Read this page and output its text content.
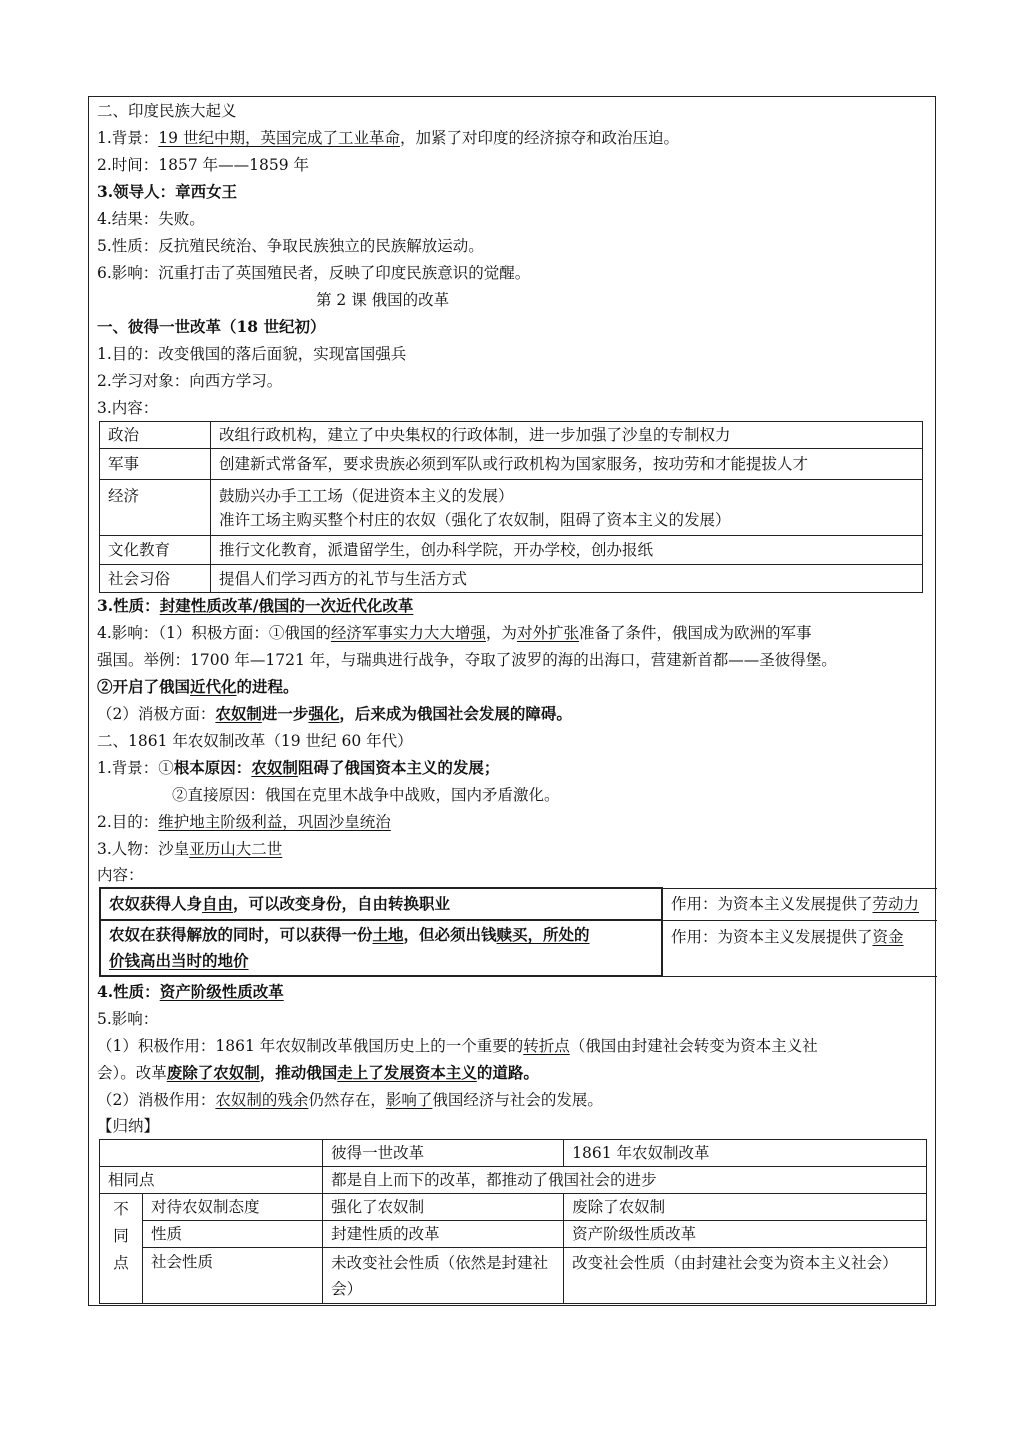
二、印度民族大起义
1.背景：19 世纪中期，英国完成了工业革命，加紧了对印度的经济掠夺和政治压迫。
2.时间：1857 年——1859 年
3.领导人：章西女王
4.结果：失败。
5.性质：反抗殖民统治、争取民族独立的民族解放运动。
6.影响：沉重打击了英国殖民者，反映了印度民族意识的觉醒。
第 2 课 俄国的改革
一、彼得一世改革（18 世纪初）
1.目的：改变俄国的落后面貌，实现富国强兵
2.学习对象：向西方学习。
3.内容：
政治	改组行政机构，建立了中央集权的行政体制，进一步加强了沙皇的专制权力
军事	创建新式常备军，要求贵族必须到军队或行政机构为国家服务，按功劳和才能提拔人才
经济	鼓励兴办手工工场（促进资本主义的发展）
准许工场主购买整个村庄的农奴（强化了农奴制，阻碍了资本主义的发展）

文化教育	推行文化教育，派遣留学生，创办科学院，开办学校，创办报纸
社会习俗	提倡人们学习西方的礼节与生活方式
3.性质：封建性质改革/俄国的一次近代化改革
4.影响：（1）积极方面：①俄国的经济军事实力大大增强，为对外扩张准备了条件，俄国成为欧洲的军事
强国。举例：1700 年—1721 年，与瑞典进行战争，夺取了波罗的海的出海口，营建新首都——圣彼得堡。
②开启了俄国近代化的进程。
（2）消极方面：农奴制进一步强化，后来成为俄国社会发展的障碍。
二、1861 年农奴制改革（19 世纪 60 年代）
1.背景：①根本原因：农奴制阻碍了俄国资本主义的发展；
②直接原因：俄国在克里木战争中战败，国内矛盾激化。
2.目的：维护地主阶级利益，巩固沙皇统治
3.人物：沙皇亚历山大二世
内容：
农奴获得人身自由，可以改变身份，自由转换职业	作用：为资本主义发展提供了劳动力

农奴在获得解放的同时，可以获得一份土地，但必须出钱赎买，所处的
价钱高出当时的地价	作用：为资本主义发展提供了资金
4.性质：资产阶级性质改革
5.影响：
（1）积极作用：1861 年农奴制改革俄国历史上的一个重要的转折点（俄国由封建社会转变为资本主义社
会）。改革废除了农奴制，推动俄国走上了发展资本主义的道路。
（2）消极作用：农奴制的残余仍然存在，影响了俄国经济与社会的发展。
【归纳】
		彼得一世改革	1861 年农奴制改革
相同点		都是自上而下的改革，都推动了俄国社会的进步	

不
同
点	对待农奴制态度	强化了农奴制	废除了农奴制
	性质	封建性质的改革	资产阶级性质改革
	社会性质	未改变社会性质（依然是封建社会）	改变社会性质（由封建社会变为资本主义社会）
